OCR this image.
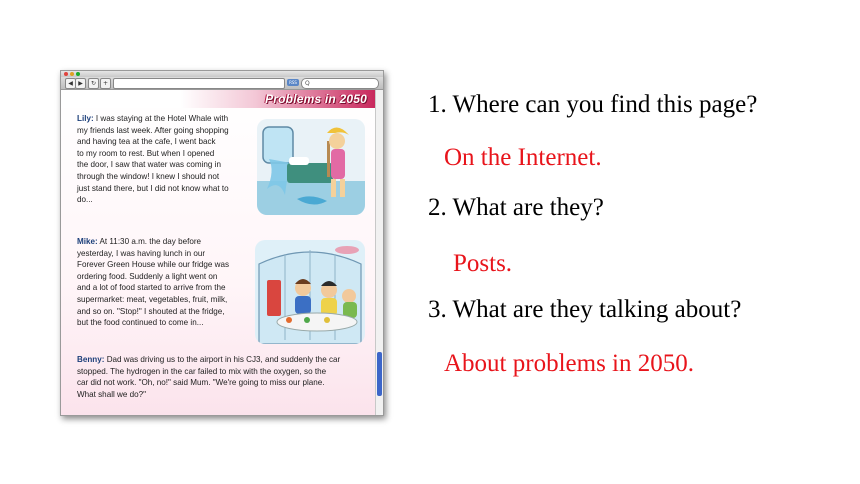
◀ ▶	↻	+	RSS	Q
Problems in 2050
Lily: I was staying at the Hotel Whale with
my friends last week. After going shopping
and having tea at the cafe, I went back
to my room to rest. But when I opened
the door, I saw that water was coming in
through the window! I knew I should not
just stand there, but I did not know what to
do...
Mike: At 11:30 a.m. the day before
yesterday, I was having lunch in our
Forever Green House while our fridge was
ordering food. Suddenly a light went on
and a lot of food started to arrive from the
supermarket: meat, vegetables, fruit, milk,
and so on. "Stop!" I shouted at the fridge,
but the food continued to come in...
Benny: Dad was driving us to the airport in his CJ3, and suddenly the car
stopped. The hydrogen in the car failed to mix with the oxygen, so the
car did not work. "Oh, no!" said Mum. "We're going to miss our plane.
What shall we do?"
1. Where can you find this page?
On the Internet.
2. What are they?
Posts.
3. What are they talking about?
About problems in 2050.
